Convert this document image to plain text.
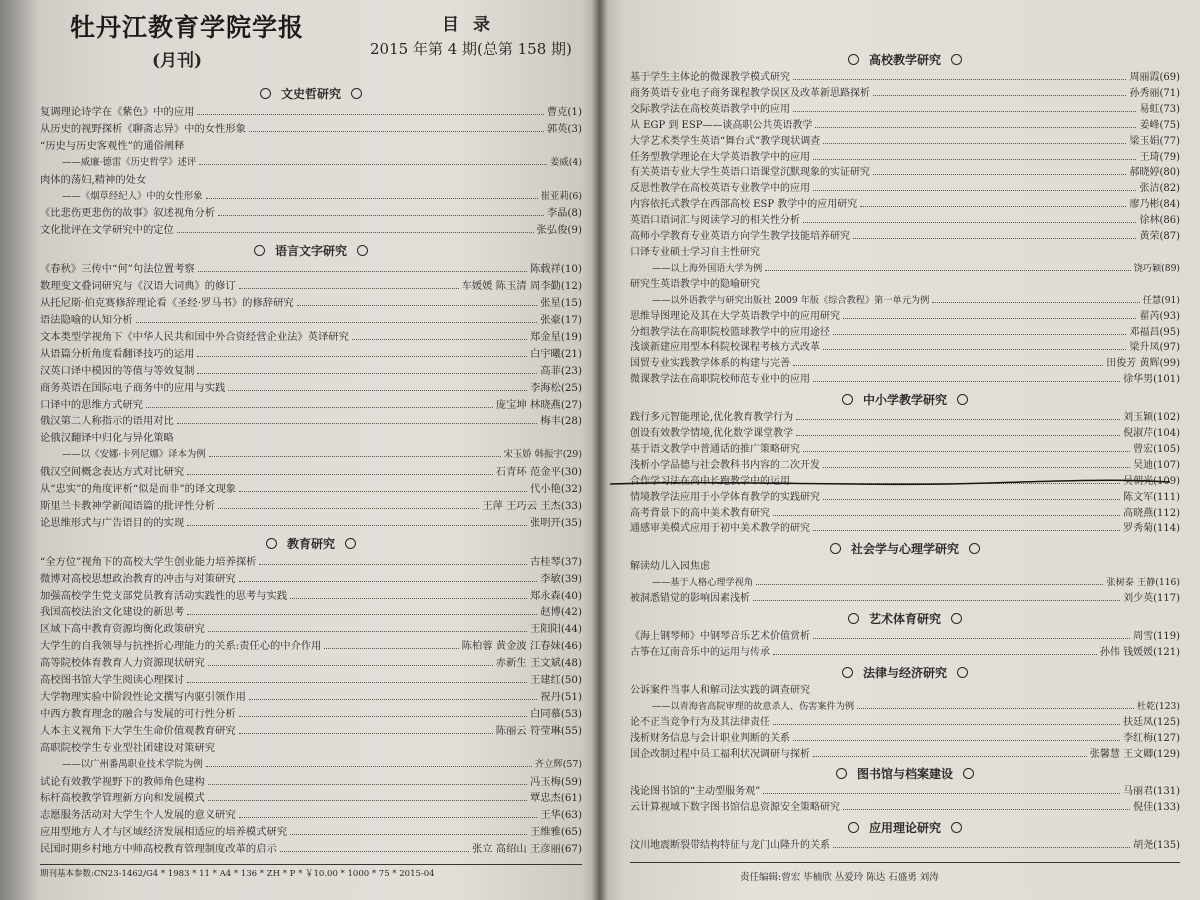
牡丹江教育学院学报
(月刊)
目录
2015 年第 4 期(总第 158 期)
文史哲研究
复调理论诗学在《紫色》中的应用	曹克(1)
从历史的视野探析《聊斋志异》中的女性形象	郭英(3)
“历史与历史客观性”的通俗阐释
——威廉·德雷《历史哲学》述评	姜威(4)
肉体的荡妇,精神的处女
——《烟草经纪人》中的女性形象	崔亚莉(6)
《比悲伤更悲伤的故事》叙述视角分析	李晶(8)
文化批评在文学研究中的定位	张弘俊(9)
语言文字研究
《春秋》三传中“何”句法位置考察	陈载祥(10)
数理变文叠词研究与《汉语大词典》的修订	车媛媛 陈玉清 周李勤(12)
从托尼斯·伯克赛修辞理论看《圣经·罗马书》的修辞研究	张星(15)
语法隐喻的认知分析	张豪(17)
文本类型学视角下《中华人民共和国中外合资经营企业法》英译研究	郑金星(19)
从语篇分析角度看翻译技巧的运用	白宇曦(21)
汉英口译中模因的等值与等效复制	高菲(23)
商务英语在国际电子商务中的应用与实践	李海松(25)
口译中的思维方式研究	庞宝坤 林晓燕(27)
俄汉第二人称指示的语用对比	梅丰(28)
论俄汉翻译中归化与异化策略
——以《安娜·卡列尼娜》译本为例	宋玉娇 韩振宇(29)
俄汉空间概念表达方式对比研究	石青环 范金平(30)
从“忠实”的角度评析“似是而非”的译文现象	代小艳(32)
斯里兰卡教神学新闻语篇的批评性分析	王萍 王巧云 王杰(33)
论思维形式与广告语目的的实现	张明开(35)
教育研究
“全方位”视角下的高校大学生创业能力培养探析	古桂琴(37)
微博对高校思想政治教育的冲击与对策研究	李敏(39)
加强高校学生党支部党员教育活动实践性的思考与实践	郑永森(40)
我国高校法治文化建设的新思考	赵博(42)
区域下高中教育资源均衡化政策研究	王阳阳(44)
大学生的自我领导与抗挫折心理能力的关系:责任心的中介作用	陈柏蓉 黄金波 江春妹(46)
高等院校体育教育人力资源现状研究	赤新生 王文斌(48)
高校图书馆大学生阅读心理探讨	王建红(50)
大学物理实验中阶段性论文撰写内驱引领作用	祝丹(51)
中西方教育理念的融合与发展的可行性分析	白同慕(53)
人本主义视角下大学生生命价值观教育研究	陈丽云 符莹琳(55)
高职院校学生专业型社团建设对策研究
——以广州番禺职业技术学院为例	齐立辉(57)
试论有效教学视野下的教师角色建构	冯玉梅(59)
标杆高校教学管理新方向和发展模式	覃忠杰(61)
志愿服务活动对大学生个人发展的意义研究	王华(63)
应用型地方人才与区域经济发展相适应的培养模式研究	王维雅(65)
民国时期乡村地方中师高校教育管理制度改革的启示	张立 高绍山 王彦丽(67)
期刊基本参数:CN23-1462/G4 * 1983 * 11 * A4 * 136 * ZH * P * ￥10.00 * 1000 * 75 * 2015-04
高校教学研究
基于学生主体论的微课教学模式研究	周丽霞(69)
商务英语专业电子商务课程教学误区及改革新思路探析	孙秀丽(71)
交际教学法在高校英语教学中的应用	易虹(73)
从 EGP 到 ESP——谈高职公共英语教学	姜峰(75)
大学艺术类学生英语“舞台式”教学现状调查	梁玉娟(77)
任务型教学理论在大学英语教学中的应用	王琦(79)
有关英语专业大学生英语口语课堂沉默现象的实证研究	郝晓婷(80)
反思性教学在高校英语专业教学中的应用	张洁(82)
内容依托式教学在西部高校 ESP 教学中的应用研究	廖乃彬(84)
英语口语词汇与阅读学习的相关性分析	徐林(86)
高师小学教育专业英语方向学生教学技能培养研究	黄荣(87)
口译专业硕士学习自主性研究
——以上海外国语大学为例	饶巧颖(89)
研究生英语教学中的隐喻研究
——以外语教学与研究出版社 2009 年版《综合教程》第一单元为例	任慧(91)
思维导图理论及其在大学英语教学中的应用研究	翟芮(93)
分组教学法在高职院校篮球教学中的应用途径	邓福昌(95)
浅谈新建应用型本科院校课程考核方式改革	梁升凤(97)
国贸专业实践教学体系的构建与完善	田俊芳 黄辉(99)
微课教学法在高职院校师范专业中的应用	徐华男(101)
中小学教学研究
践行多元智能理论,优化教育教学行为	刘玉颖(102)
创设有效教学情境,优化数学课堂教学	倪淑芹(104)
基于语文教学中普通话的推广策略研究	曾宏(105)
浅析小学品德与社会教科书内容的二次开发	吴迪(107)
合作学习法在高中长跑教学中的运用	吴朝光(109)
情境教学法应用于小学体育教学的实践研究	陈文军(111)
高考背景下的高中美术教育研究	高晓燕(112)
通感审美模式应用于初中美术教学的研究	罗秀菊(114)
社会学与心理学研究
解读幼儿入园焦虑
——基于人格心理学视角	张树泰 王静(116)
被洞悉错觉的影响因素浅析	刘少英(117)
艺术体育研究
《海上钢琴师》中钢琴音乐艺术价值赏析	周雪(119)
古筝在辽南音乐中的运用与传承	孙伟 钱媛媛(121)
法律与经济研究
公诉案件当事人和解司法实践的调查研究
——以青海省高院审理的故意杀人、伤害案件为例	杜乾(123)
论不正当竞争行为及其法律责任	扶廷凤(125)
浅析财务信息与会计职业判断的关系	李红梅(127)
国企改制过程中员工福利状况调研与探析	张馨慧 王文卿(129)
图书馆与档案建设
浅论图书馆的“主动型服务观”	马丽君(131)
云计算视域下数字图书馆信息资源安全策略研究	倪佳(133)
应用理论研究
汶川地震断裂带结构特征与龙门山隆升的关系	胡尧(135)
责任编辑:曾宏 毕楠欣 丛爱玲 陈达 石盛勇 刘涛
